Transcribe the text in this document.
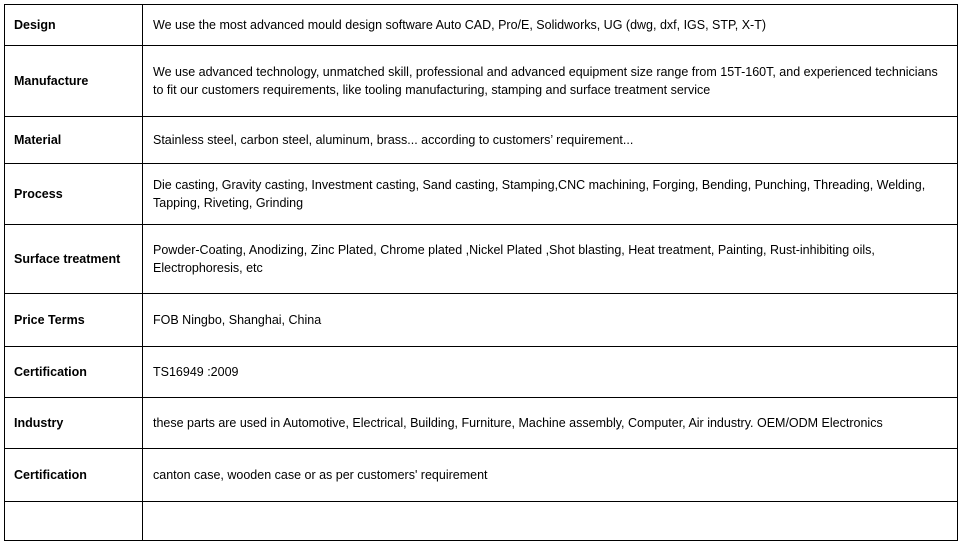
Design	We use the most advanced mould design software Auto CAD, Pro/E, Solidworks, UG (dwg, dxf, IGS, STP, X-T)
Manufacture	We use advanced technology, unmatched skill, professional and advanced equipment size range from 15T-160T, and experienced technicians to fit our customers requirements, like tooling manufacturing, stamping and surface treatment service
Material	Stainless steel, carbon steel, aluminum, brass... according to customers’ requirement...
Process	Die casting, Gravity casting, Investment casting, Sand casting, Stamping,CNC machining, Forging, Bending, Punching, Threading, Welding, Tapping, Riveting, Grinding
Surface treatment	Powder-Coating, Anodizing, Zinc Plated, Chrome plated ,Nickel Plated ,Shot blasting, Heat treatment, Painting, Rust-inhibiting oils, Electrophoresis, etc
Price Terms	FOB Ningbo, Shanghai, China
Certification	TS16949 :2009
Industry	these parts are used in Automotive, Electrical, Building, Furniture, Machine assembly, Computer, Air industry. OEM/ODM Electronics
Certification	canton case, wooden case or as per customers' requirement
